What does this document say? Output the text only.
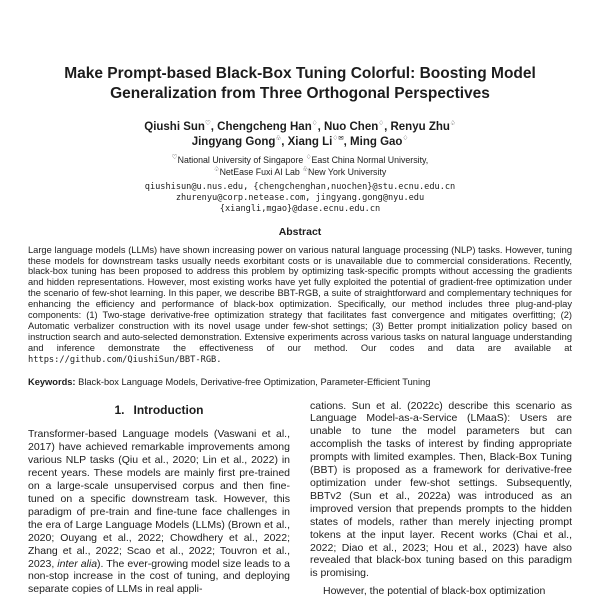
Make Prompt-based Black-Box Tuning Colorful: Boosting Model
Generalization from Three Orthogonal Perspectives
Qiushi Sun♡, Chengcheng Han♢, Nuo Chen♢, Renyu Zhu♤
Jingyang Gong♧, Xiang Li♢✉, Ming Gao♢
♡National University of Singapore ♢East China Normal University,
♤NetEase Fuxi AI Lab ♧New York University
qiushisun@u.nus.edu, {chengchenghan,nuochen}@stu.ecnu.edu.cn
zhurenyu@corp.netease.com, jingyang.gong@nyu.edu
{xiangli,mgao}@dase.ecnu.edu.cn
Abstract

Large language models (LLMs) have shown increasing power on various natural language processing (NLP) tasks. However, tuning these models for downstream tasks usually needs exorbitant costs or is unavailable due to commercial considerations. Recently, black-box tuning has been proposed to address this problem by optimizing task-specific prompts without accessing the gradients and hidden representations. However, most existing works have yet fully exploited the potential of gradient-free optimization under the scenario of few-shot learning. In this paper, we describe BBT-RGB, a suite of straightforward and complementary techniques for enhancing the efficiency and performance of black-box optimization. Specifically, our method includes three plug-and-play components: (1) Two-stage derivative-free optimization strategy that facilitates fast convergence and mitigates overfitting; (2) Automatic verbalizer construction with its novel usage under few-shot settings; (3) Better prompt initialization policy based on instruction search and auto-selected demonstration. Extensive experiments across various tasks on natural language understanding and inference demonstrate the effectiveness of our method. Our codes and data are available at https://github.com/QiushiSun/BBT-RGB.

Keywords: Black-box Language Models, Derivative-free Optimization, Parameter-Efficient Tuning

1. Introduction

Transformer-based Language models (Vaswani et al., 2017) have achieved remarkable improvements among various NLP tasks (Qiu et al., 2020; Lin et al., 2022) in recent years. These models are mainly first pre-trained on a large-scale unsupervised corpus and then fine-tuned on a specific downstream task. However, this paradigm of pre-train and fine-tune face challenges in the era of Large Language Models (LLMs) (Brown et al., 2020; Ouyang et al., 2022; Chowdhery et al., 2022; Zhang et al., 2022; Scao et al., 2022; Touvron et al., 2023, inter alia). The ever-growing model size leads to a non-stop increase in the cost of tuning, and deploying separate copies of LLMs in real appli-

cations. Sun et al. (2022c) describe this scenario as Language Model-as-a-Service (LMaaS): Users are unable to tune the model parameters but can accomplish the tasks of interest by finding appropriate prompts with limited examples. Then, Black-Box Tuning (BBT) is proposed as a framework for derivative-free optimization under few-shot settings. Subsequently, BBTv2 (Sun et al., 2022a) was introduced as an improved version that prepends prompts to the hidden states of models, rather than merely injecting prompt tokens at the input layer. Recent works (Chai et al., 2022; Diao et al., 2023; Hou et al., 2023) have also revealed that black-box tuning based on this paradigm is promising.

However, the potential of black-box optimization
